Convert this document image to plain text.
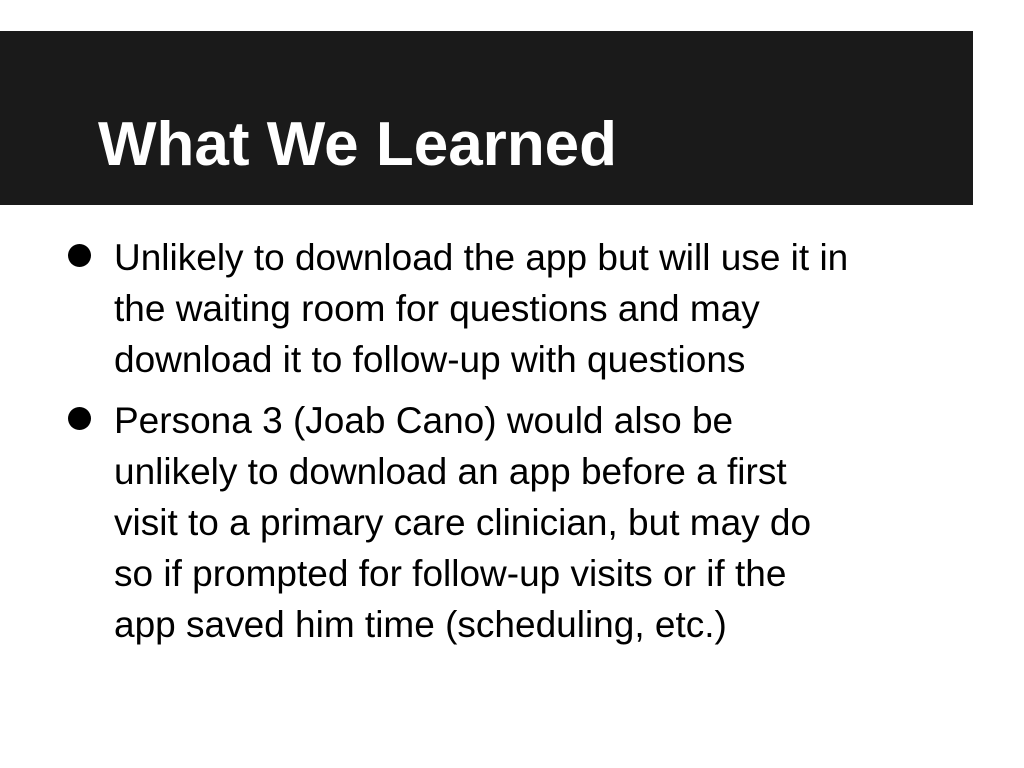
What We Learned
Unlikely to download the app but will use it in
the waiting room for questions and may
download it to follow-up with questions
Persona 3 (Joab Cano) would also be
unlikely to download an app before a first
visit to a primary care clinician, but may do
so if prompted for follow-up visits or if the
app saved him time (scheduling, etc.)
